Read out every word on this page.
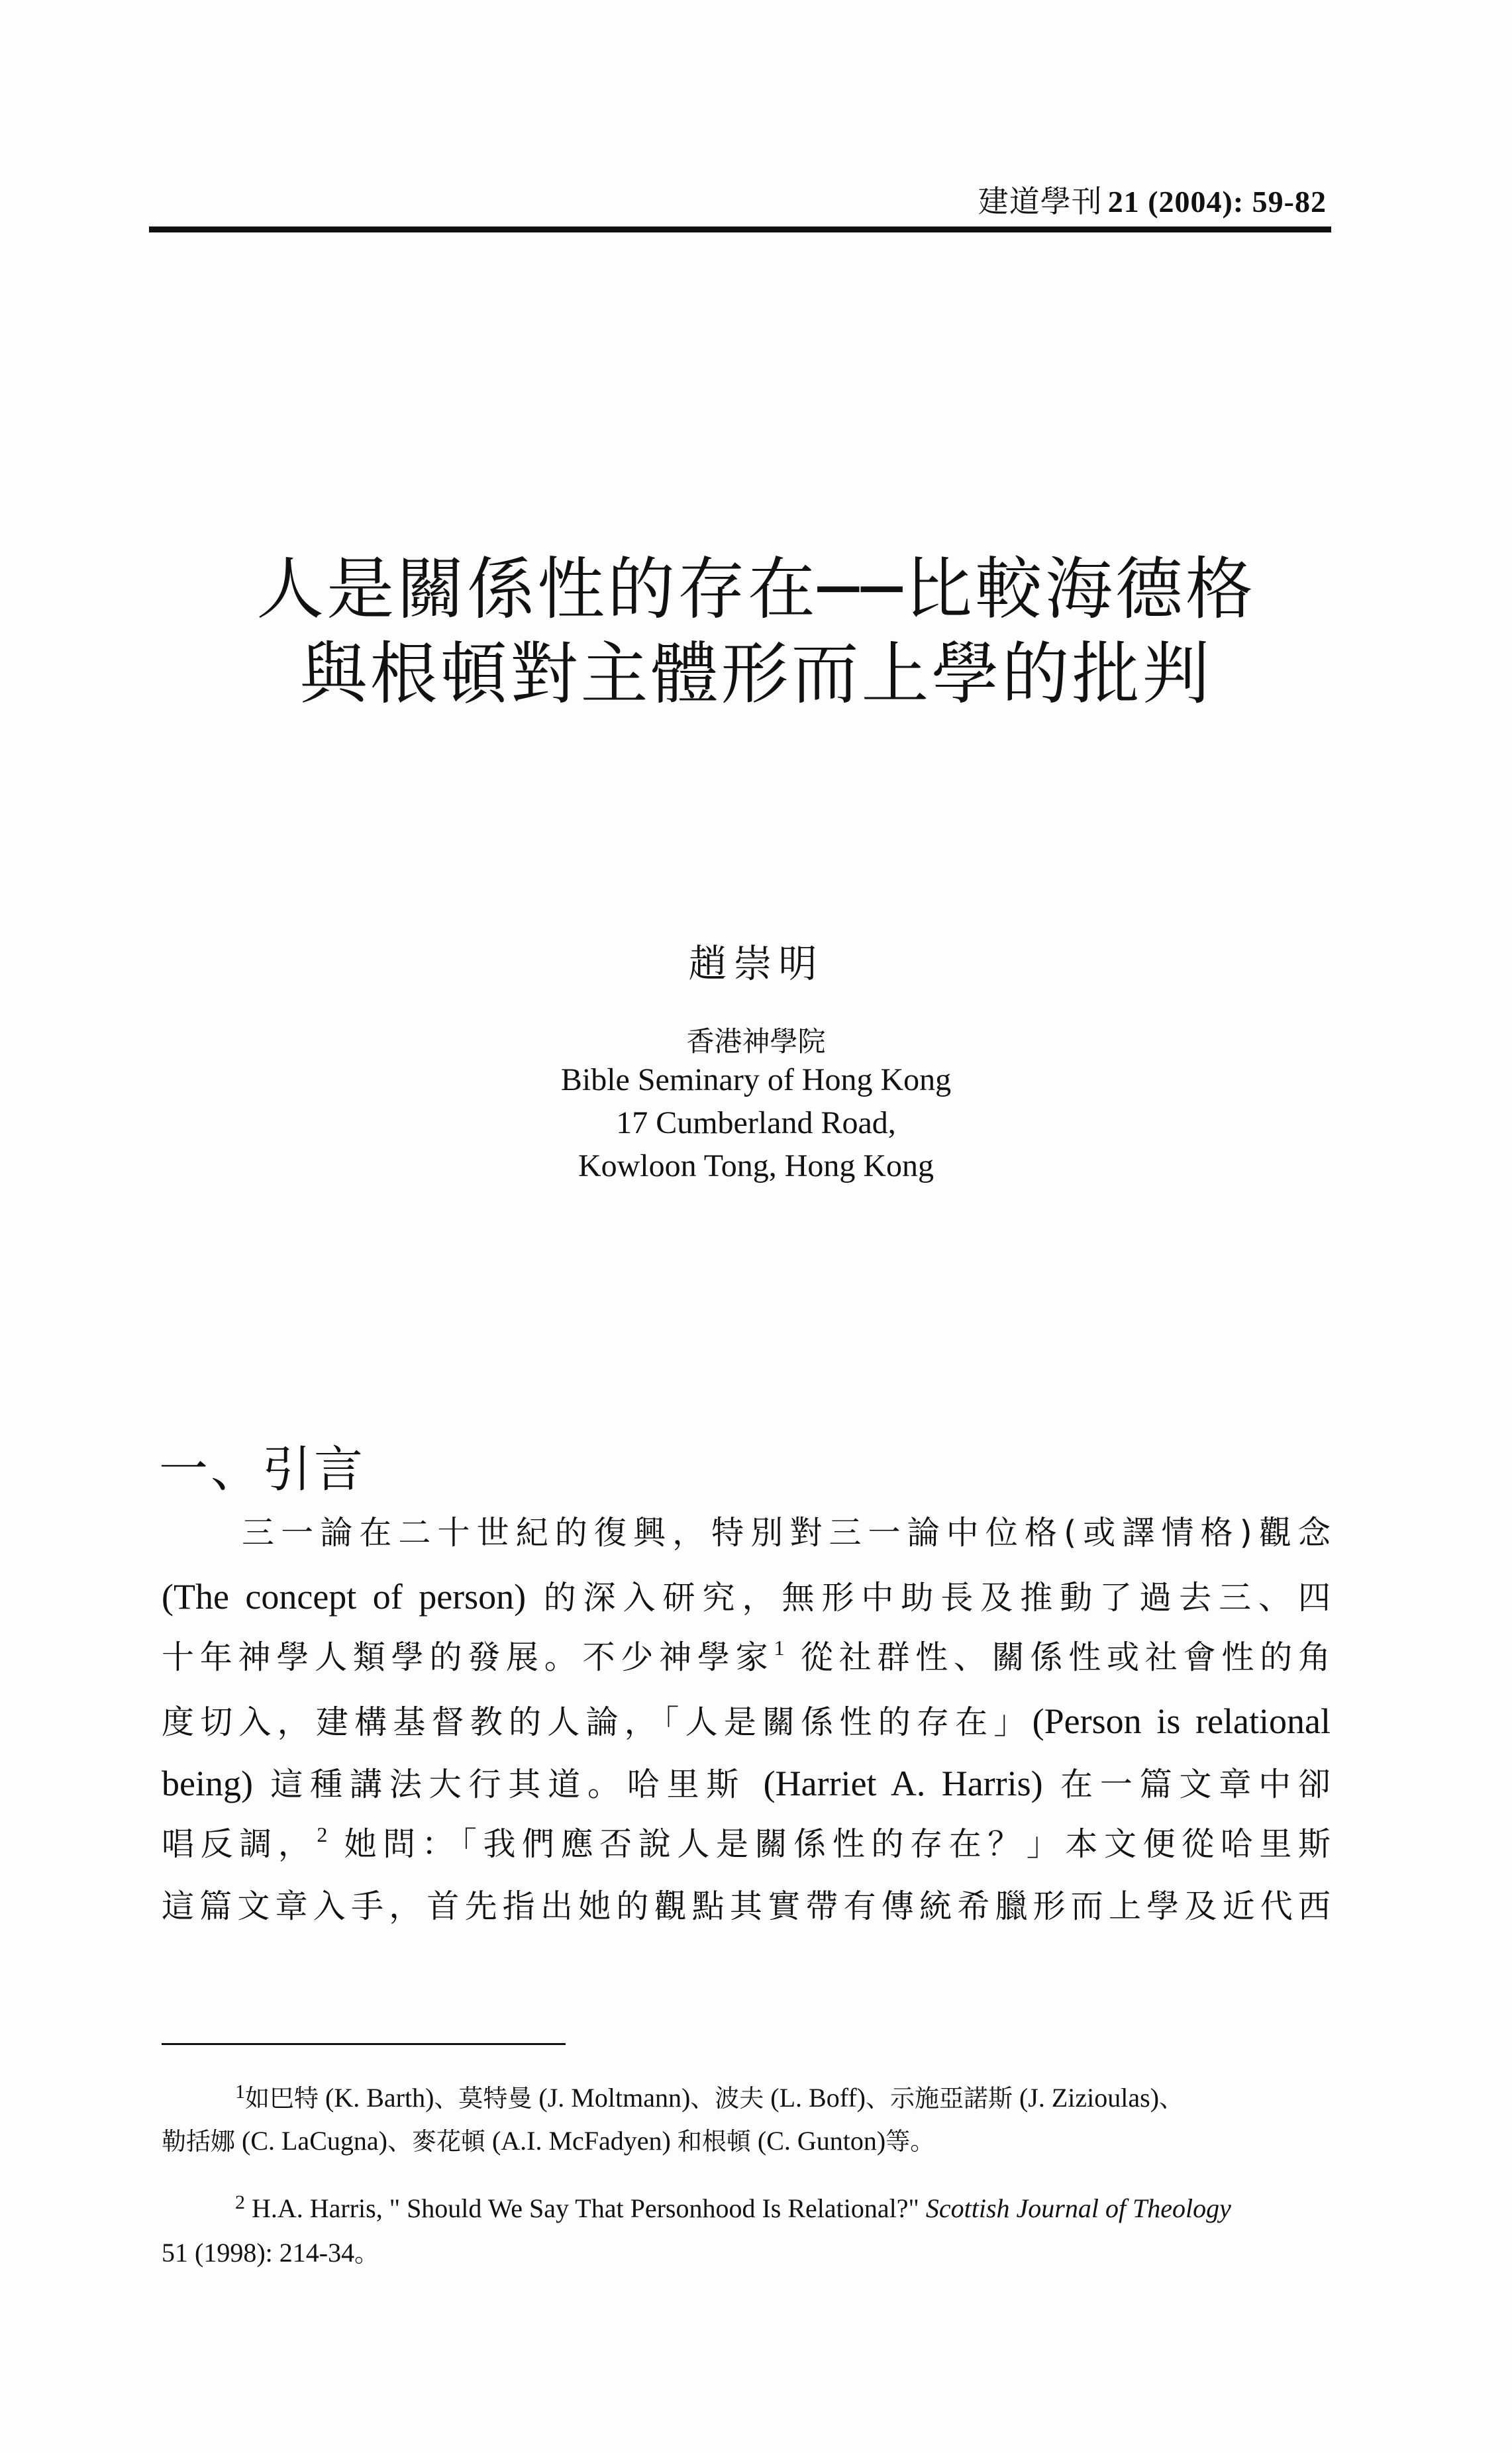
建道學刊 21 (2004): 59-82
人是關係性的存在──比較海德格
與根頓對主體形而上學的批判
趙崇明
香港神學院
Bible Seminary of Hong Kong
17 Cumberland Road,
Kowloon Tong, Hong Kong
一、引言
三一論在二十世紀的復興，特別對三一論中位格(或譯情格)觀念
(The concept of person) 的深入研究，無形中助長及推動了過去三、四
十年神學人類學的發展。不少神學家$^1$ 從社群性、關係性或社會性的角
度切入，建構基督教的人論，「人是關係性的存在」(Person is relational
being) 這種講法大行其道。哈里斯 (Harriet A. Harris) 在一篇文章中卻
唱反調，$^2$ 她問：「我們應否說人是關係性的存在？」本文便從哈里斯
這篇文章入手，首先指出她的觀點其實帶有傳統希臘形而上學及近代西
$^1$如巴特 (K. Barth)、莫特曼 (J. Moltmann)、波夫 (L. Boff)、示施亞諾斯 (J. Zizioulas)、
勒括娜 (C. LaCugna)、麥花頓 (A.I. McFadyen) 和根頓 (C. Gunton)等。
$^2$ H.A. Harris, " Should We Say That Personhood Is Relational?" Scottish Journal of Theology
51 (1998): 214-34。
